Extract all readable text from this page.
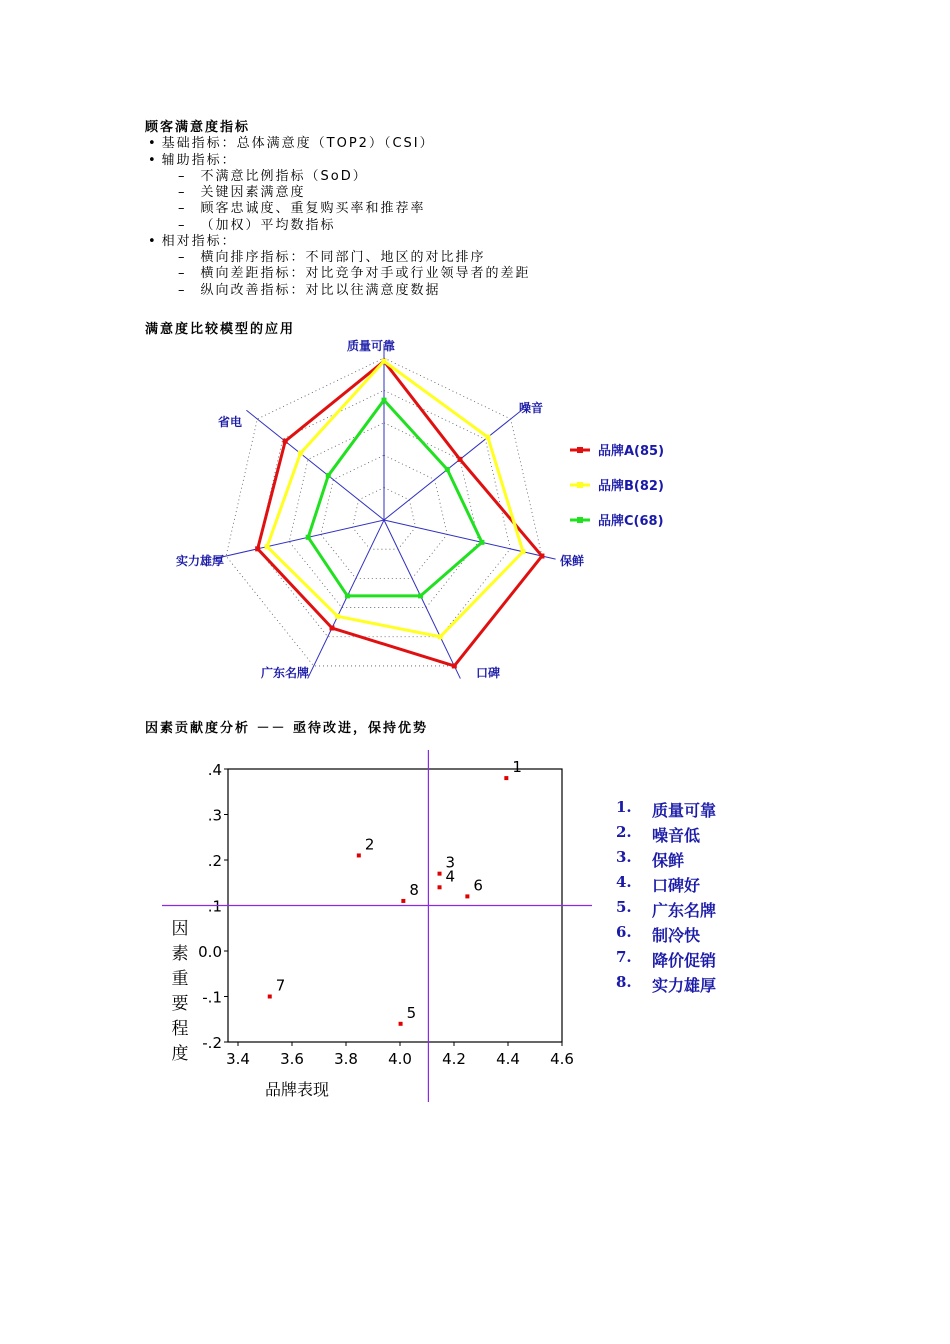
顾客满意度指标
• 基础指标：总体满意度（TOP2）（CSI）
• 辅助指标：
– 不满意比例指标（SoD）
– 关键因素满意度
– 顾客忠诚度、重复购买率和推荐率
– （加权）平均数指标
• 相对指标：
– 横向排序指标：不同部门、地区的对比排序
– 横向差距指标：对比竞争对手或行业领导者的差距
– 纵向改善指标：对比以往满意度数据
满意度比较模型的应用
质量可靠
噪音
保鲜
口碑
广东名牌
实力雄厚
省电
品牌A(85)
品牌B(82)
品牌C(68)
因素贡献度分析 －－ 亟待改进，保持优势
.4
.3
.2
.1
0.0
-.1
-.2
3.4 3.6 3.8 4.0 4.2 4.4 4.6
1
2
3
4
5
6
7
8
品牌表现
因素重要程度
1. 质量可靠
2. 噪音低
3. 保鲜
4. 口碑好
5. 广东名牌
6. 制冷快
7. 降价促销
8. 实力雄厚
